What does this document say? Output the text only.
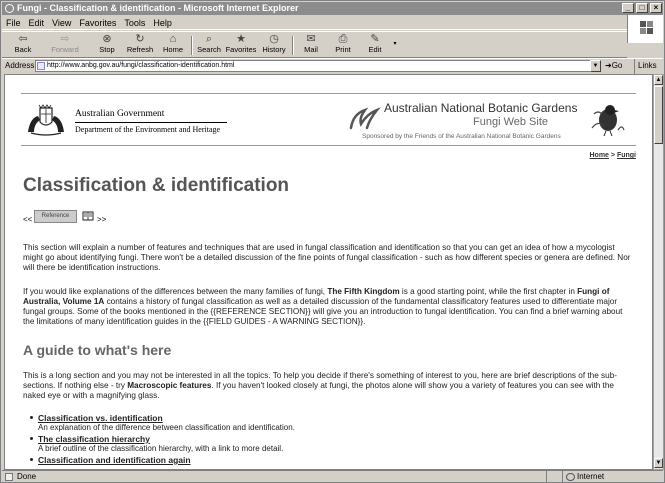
Fungi - Classification & identification - Microsoft Internet Explorer	_	□	×
File Edit View Favorites Tools Help
⇦
Back
⇨
Forward
⊗
Stop
↻
Refresh
⌂
Home
⌕
Search
★
Favorites
◷
History
✉
Mail
⎙
Print
✎
Edit
▾
Address	http://www.anbg.gov.au/fungi/classification-identification.html	▼ ➜Go	Links
Australian Government
Department of the Environment and Heritage
Australian National Botanic Gardens
Fungi Web Site
Sponsored by the Friends of the Australian National Botanic Gardens
Home > Fungi
Classification & identification
<<	Reference	>>

This section will explain a number of features and techniques that are used in fungal classification and identification so that you can get an idea of how a mycologist might go about identifying fungi. There won't be a detailed discussion of the fine points of fungal classification - such as how different species or genera are defined. Nor will there be identification instructions.

If you would like explanations of the differences between the many families of fungi, The Fifth Kingdom is a good starting point, while the first chapter in Fungi of Australia, Volume 1A contains a history of fungal classification as well as a detailed discussion of the fundamental classificatory features used to differentiate major fungal groups. Some of the books mentioned in the {{REFERENCE SECTION}} will give you an introduction to fungal identification. You can find a brief warning about the limitations of many identification guides in the {{FIELD GUIDES - A WARNING SECTION}}.

A guide to what's here

This is a long section and you may not be interested in all the topics. To help you decide if there's something of interest to you, here are brief descriptions of the sub-sections. If nothing else - try Macroscopic features. If you haven't looked closely at fungi, the photos alone will show you a variety of features you can see with the naked eye or with a magnifying glass.

Classification vs. identification
An explanation of the difference between classification and identification.
The classification hierarchy
A brief outline of the classification hierarchy, with a link to more detail.
Classification and identification again
▲
▼
Done	Internet
